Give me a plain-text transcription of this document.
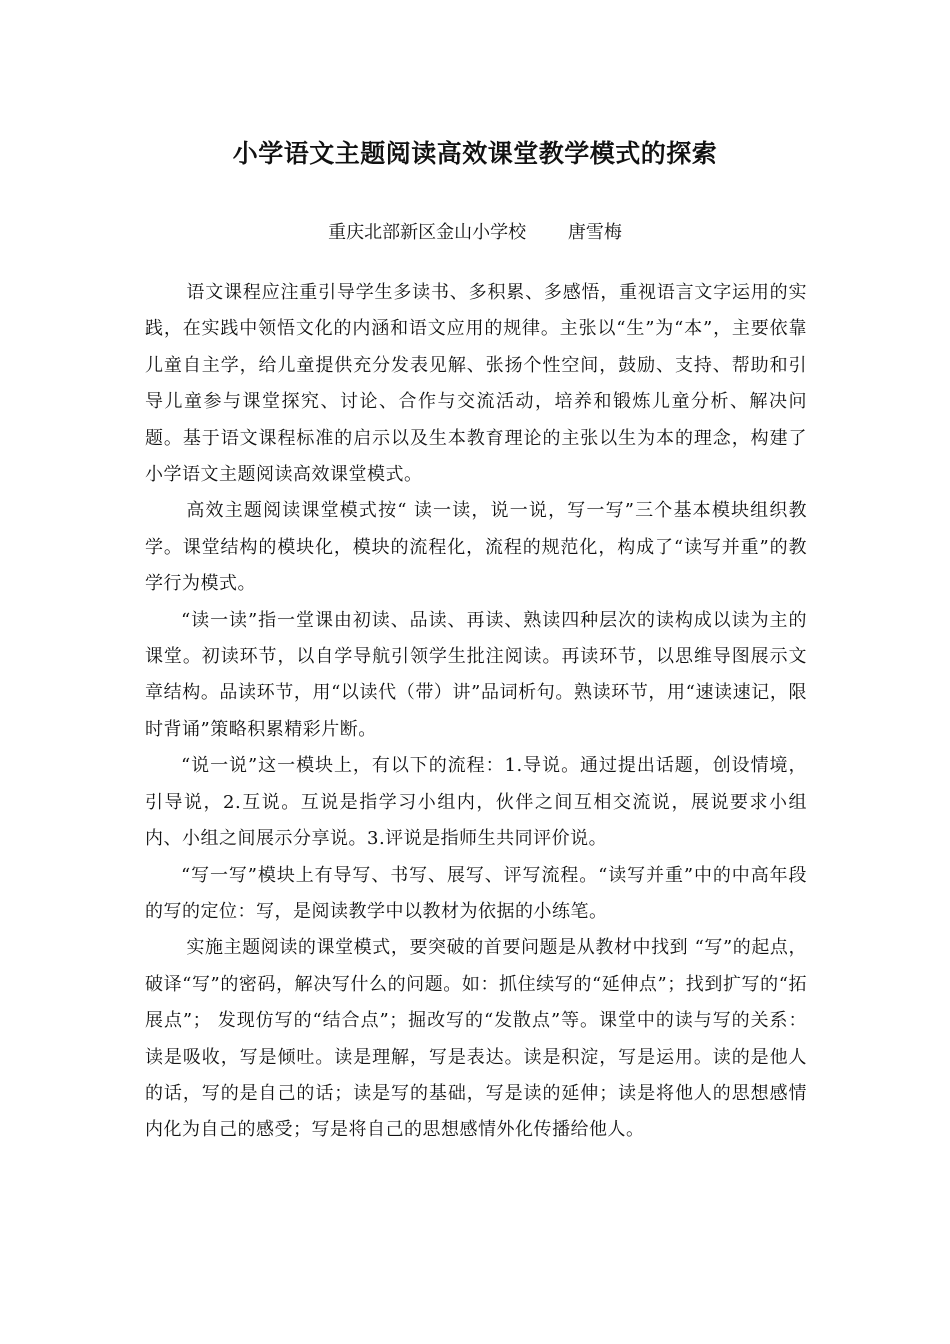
小学语文主题阅读高效课堂教学模式的探索
重庆北部新区金山小学校 唐雪梅

语文课程应注重引导学生多读书、多积累、多感悟，重视语言文字运用的实践，在实践中领悟文化的内涵和语文应用的规律。主张以“生”为“本”，主要依靠儿童自主学，给儿童提供充分发表见解、张扬个性空间，鼓励、支持、帮助和引导儿童参与课堂探究、讨论、合作与交流活动，培养和锻炼儿童分析、解决问题。基于语文课程标准的启示以及生本教育理论的主张以生为本的理念，构建了小学语文主题阅读高效课堂模式。

高效主题阅读课堂模式按“ 读一读，说一说，写一写”三个基本模块组织教学。课堂结构的模块化，模块的流程化，流程的规范化，构成了“读写并重”的教学行为模式。

“读一读”指一堂课由初读、品读、再读、熟读四种层次的读构成以读为主的课堂。初读环节，以自学导航引领学生批注阅读。再读环节，以思维导图展示文章结构。品读环节，用“以读代（带）讲”品词析句。熟读环节，用“速读速记，限时背诵”策略积累精彩片断。

“说一说”这一模块上，有以下的流程：1.导说。通过提出话题，创设情境，引导说，2.互说。互说是指学习小组内，伙伴之间互相交流说，展说要求小组内、小组之间展示分享说。3.评说是指师生共同评价说。

“写一写”模块上有导写、书写、展写、评写流程。“读写并重”中的中高年段的写的定位：写，是阅读教学中以教材为依据的小练笔。

实施主题阅读的课堂模式，要突破的首要问题是从教材中找到 “写”的起点，破译“写”的密码，解决写什么的问题。如：抓住续写的“延伸点”；找到扩写的“拓展点”； 发现仿写的“结合点”；掘改写的“发散点”等。课堂中的读与写的关系：读是吸收，写是倾吐。读是理解，写是表达。读是积淀，写是运用。读的是他人的话，写的是自己的话；读是写的基础，写是读的延伸；读是将他人的思想感情内化为自己的感受；写是将自己的思想感情外化传播给他人。
